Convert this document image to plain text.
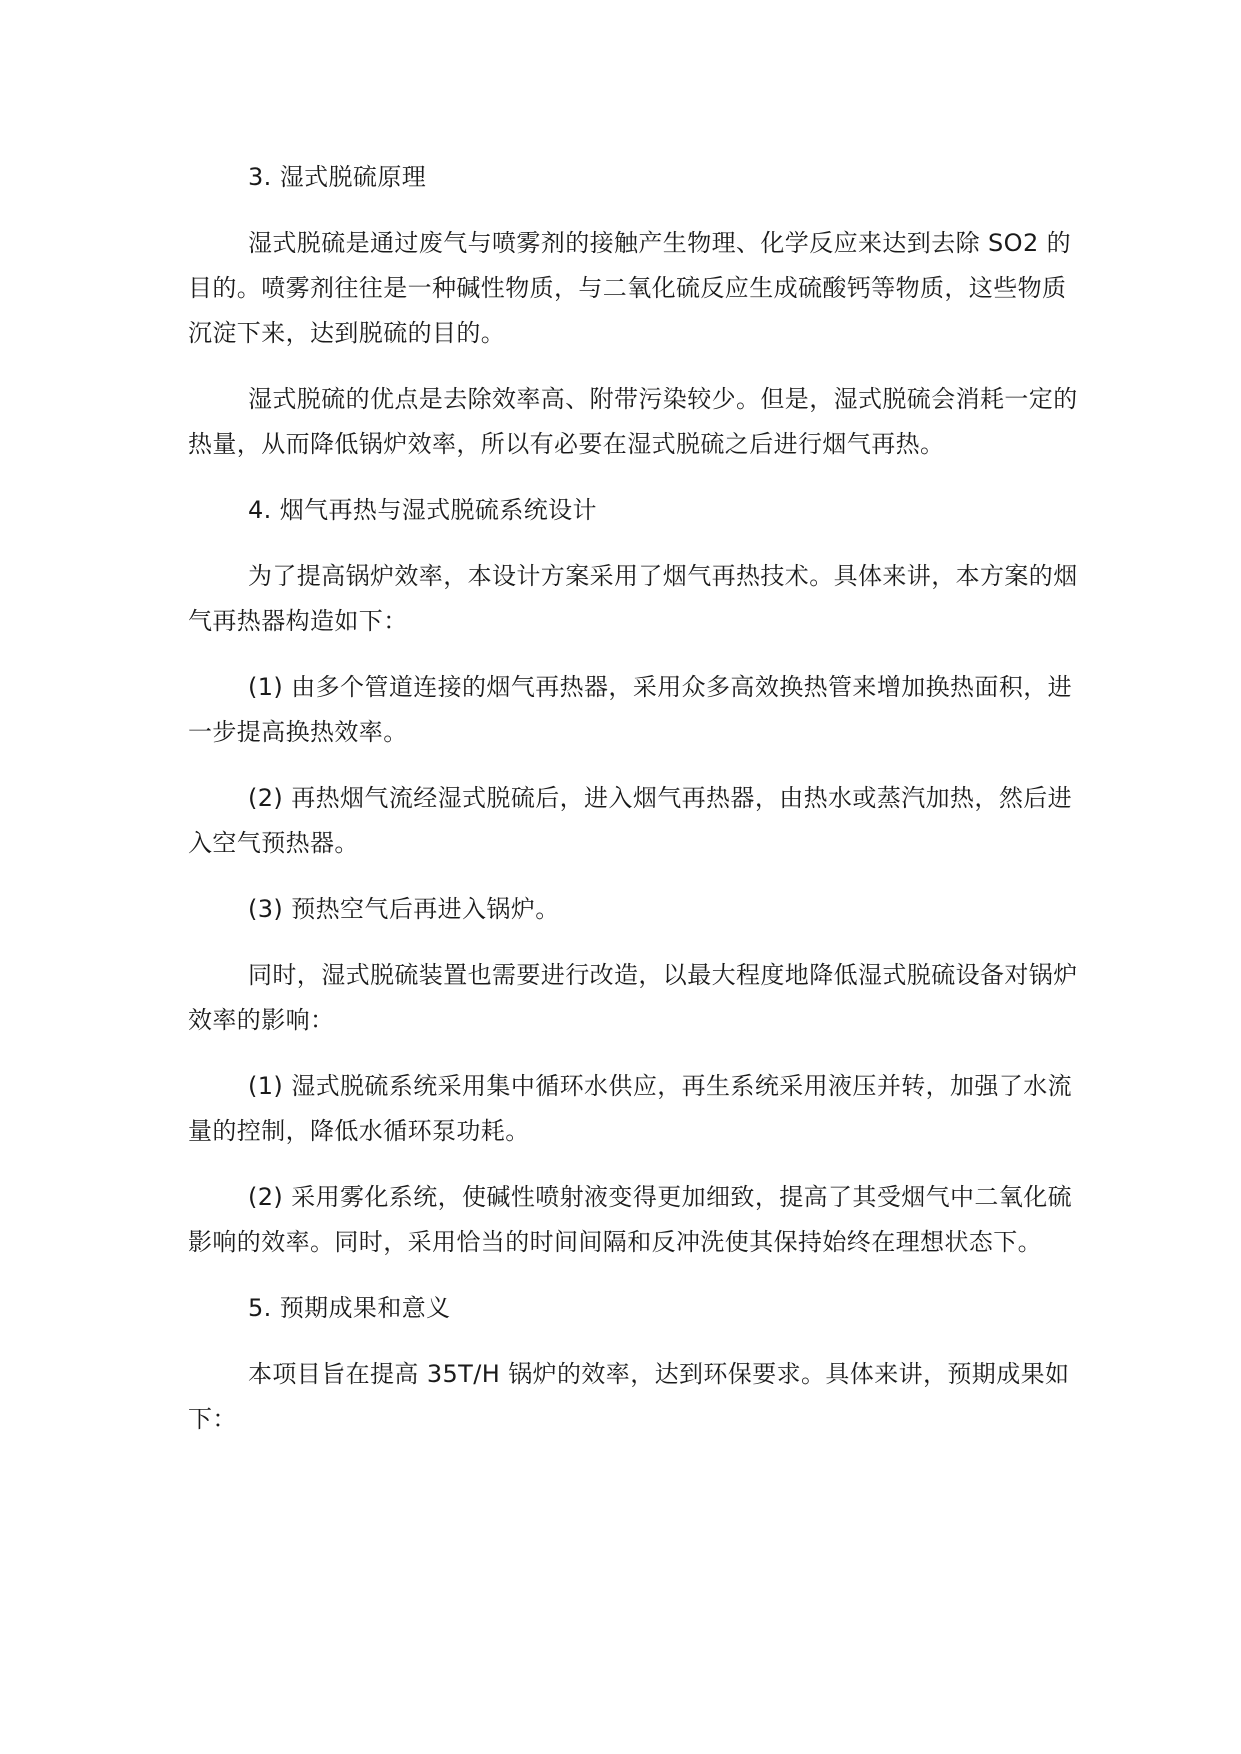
3. 湿式脱硫原理

湿式脱硫是通过废气与喷雾剂的接触产生物理、化学反应来达到去除 SO2 的目的。喷雾剂往往是一种碱性物质，与二氧化硫反应生成硫酸钙等物质，这些物质沉淀下来，达到脱硫的目的。

湿式脱硫的优点是去除效率高、附带污染较少。但是，湿式脱硫会消耗一定的热量，从而降低锅炉效率，所以有必要在湿式脱硫之后进行烟气再热。

4. 烟气再热与湿式脱硫系统设计

为了提高锅炉效率，本设计方案采用了烟气再热技术。具体来讲，本方案的烟气再热器构造如下：

(1) 由多个管道连接的烟气再热器，采用众多高效换热管来增加换热面积，进一步提高换热效率。

(2) 再热烟气流经湿式脱硫后，进入烟气再热器，由热水或蒸汽加热，然后进入空气预热器。

(3) 预热空气后再进入锅炉。

同时，湿式脱硫装置也需要进行改造，以最大程度地降低湿式脱硫设备对锅炉效率的影响：

(1) 湿式脱硫系统采用集中循环水供应，再生系统采用液压并转，加强了水流量的控制，降低水循环泵功耗。

(2) 采用雾化系统，使碱性喷射液变得更加细致，提高了其受烟气中二氧化硫影响的效率。同时，采用恰当的时间间隔和反冲洗使其保持始终在理想状态下。

5. 预期成果和意义

本项目旨在提高 35T/H 锅炉的效率，达到环保要求。具体来讲，预期成果如下：
